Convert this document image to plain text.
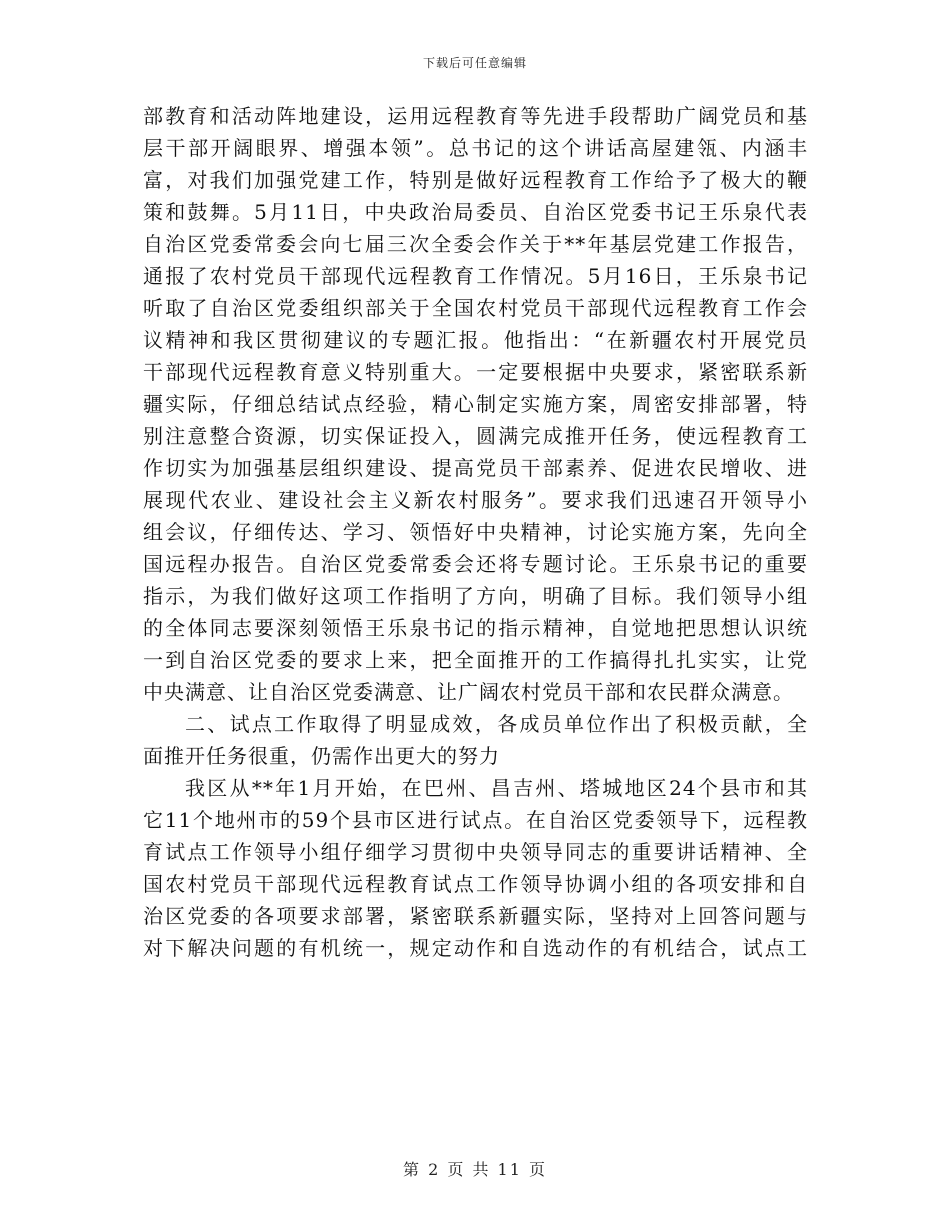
下载后可任意编辑
部教育和活动阵地建设，运用远程教育等先进手段帮助广阔党员和基
层干部开阔眼界、增强本领”。总书记的这个讲话高屋建瓴、内涵丰
富，对我们加强党建工作，特别是做好远程教育工作给予了极大的鞭
策和鼓舞。5月11日，中央政治局委员、自治区党委书记王乐泉代表
自治区党委常委会向七届三次全委会作关于**年基层党建工作报告，
通报了农村党员干部现代远程教育工作情况。5月16日，王乐泉书记
听取了自治区党委组织部关于全国农村党员干部现代远程教育工作会
议精神和我区贯彻建议的专题汇报。他指出：“在新疆农村开展党员
干部现代远程教育意义特别重大。一定要根据中央要求，紧密联系新
疆实际，仔细总结试点经验，精心制定实施方案，周密安排部署，特
别注意整合资源，切实保证投入，圆满完成推开任务，使远程教育工
作切实为加强基层组织建设、提高党员干部素养、促进农民增收、进
展现代农业、建设社会主义新农村服务”。要求我们迅速召开领导小
组会议，仔细传达、学习、领悟好中央精神，讨论实施方案，先向全
国远程办报告。自治区党委常委会还将专题讨论。王乐泉书记的重要
指示，为我们做好这项工作指明了方向，明确了目标。我们领导小组
的全体同志要深刻领悟王乐泉书记的指示精神，自觉地把思想认识统
一到自治区党委的要求上来，把全面推开的工作搞得扎扎实实，让党
中央满意、让自治区党委满意、让广阔农村党员干部和农民群众满意。
二、试点工作取得了明显成效，各成员单位作出了积极贡献，全
面推开任务很重，仍需作出更大的努力
我区从**年1月开始，在巴州、昌吉州、塔城地区24个县市和其
它11个地州市的59个县市区进行试点。在自治区党委领导下，远程教
育试点工作领导小组仔细学习贯彻中央领导同志的重要讲话精神、全
国农村党员干部现代远程教育试点工作领导协调小组的各项安排和自
治区党委的各项要求部署，紧密联系新疆实际，坚持对上回答问题与
对下解决问题的有机统一，规定动作和自选动作的有机结合，试点工
第 2 页 共 11 页
